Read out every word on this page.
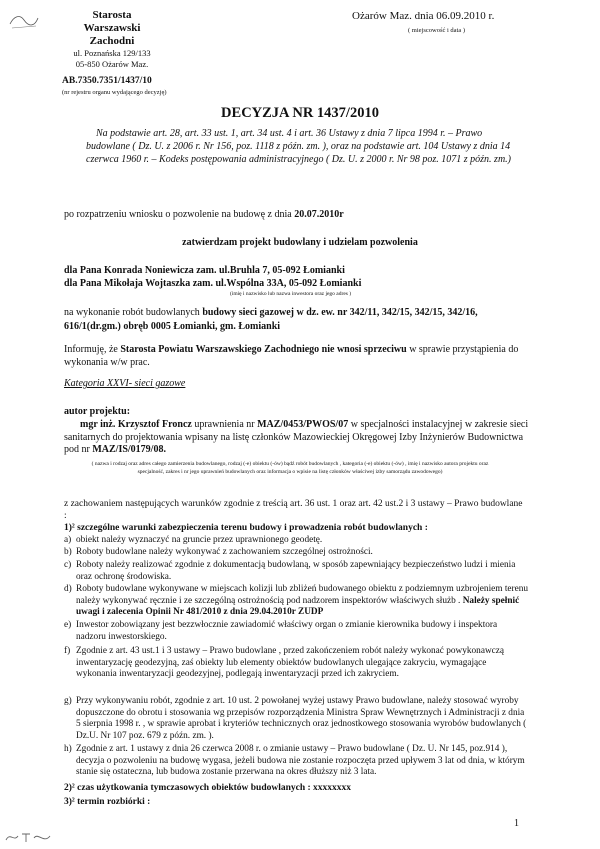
Starosta
Warszawski Zachodni
ul. Poznańska 129/133
05-850 Ożarów Maz.
Ożarów Maz. dnia 06.09.2010 r.
( miejscowość i data )
AB.7350.7351/1437/10
(nr rejestru organu wydającego decyzję)
DECYZJA NR 1437/2010

Na podstawie art. 28, art. 33 ust. 1, art. 34 ust. 4 i art. 36 Ustawy z dnia 7 lipca 1994 r. – Prawo budowlane ( Dz. U. z 2006 r. Nr 156, poz. 1118 z późn. zm. ), oraz na podstawie art. 104 Ustawy z dnia 14 czerwca 1960 r. – Kodeks postępowania administracyjnego ( Dz. U. z 2000 r. Nr 98 poz. 1071 z późn. zm.)

po rozpatrzeniu wniosku o pozwolenie na budowę z dnia 20.07.2010r
zatwierdzam projekt budowlany i udzielam pozwolenia
dla Pana Konrada Noniewicza zam. ul.Bruhla 7, 05-092 Łomianki
dla Pana Mikołaja Wojtaszka zam. ul.Wspólna 33A, 05-092 Łomianki
(imię i nazwisko lub nazwa inwestora oraz jego adres )
na wykonanie robót budowlanych budowy sieci gazowej w dz. ew. nr 342/11, 342/15, 342/15, 342/16, 616/1(dr.gm.) obręb 0005 Łomianki, gm. Łomianki
Informuję, że Starosta Powiatu Warszawskiego Zachodniego nie wnosi sprzeciwu w sprawie przystąpienia do wykonania w/w prac.
Kategoria XXVI- sieci gazowe
autor projektu:
mgr inż. Krzysztof Froncz uprawnienia nr MAZ/0453/PWOS/07 w specjalności instalacyjnej w zakresie sieci sanitarnych do projektowania wpisany na listę członków Mazowieckiej Okręgowej Izby Inżynierów Budownictwa pod nr MAZ/IS/0179/08.
( nazwa i rodzaj oraz adres całego zamierzenia budowlanego, rodzaj (-e) obiektu (-ów) bądź robót budowlanych , kategoria (-e) obiektu (-ów) , imię i nazwisko autora projektu oraz specjalność, zakres i nr jego uprawnień budowlanych oraz informacja o wpisie na listę członków właściwej izby samorządu zawodowego)
z zachowaniem następujących warunków zgodnie z treścią art. 36 ust. 1 oraz art. 42 ust.2 i 3 ustawy – Prawo budowlane :
1)² szczególne warunki zabezpieczenia terenu budowy i prowadzenia robót budowlanych :
a) obiekt należy wyznaczyć na gruncie przez uprawnionego geodetę.
b) Roboty budowlane należy wykonywać z zachowaniem szczególnej ostrożności.
c) Roboty należy realizować zgodnie z dokumentacją budowlaną, w sposób zapewniający bezpieczeństwo ludzi i mienia oraz ochronę środowiska.
d) Roboty budowlane wykonywane w miejscach kolizji lub zbliżeń budowanego obiektu z podziemnym uzbrojeniem terenu należy wykonywać ręcznie i ze szczególną ostrożnością pod nadzorem inspektorów właściwych służb . Należy spełnić uwagi i zalecenia Opinii Nr 481/2010 z dnia 29.04.2010r ZUDP
e) Inwestor zobowiązany jest bezzwłocznie zawiadomić właściwy organ o zmianie kierownika budowy i inspektora nadzoru inwestorskiego.
f) Zgodnie z art. 43 ust.1 i 3 ustawy – Prawo budowlane , przed zakończeniem robót należy wykonać powykonawczą inwentaryzację geodezyjną, zaś obiekty lub elementy obiektów budowlanych ulegające zakryciu, wymagające wykonania inwentaryzacji geodezyjnej, podlegają inwentaryzacji przed ich zakryciem.
g) Przy wykonywaniu robót, zgodnie z art. 10 ust. 2 powołanej wyżej ustawy Prawo budowlane, należy stosować wyroby dopuszczone do obrotu i stosowania wg przepisów rozporządzenia Ministra Spraw Wewnętrznych i Administracji z dnia 5 sierpnia 1998 r. , w sprawie aprobat i kryteriów technicznych oraz jednostkowego stosowania wyrobów budowlanych ( Dz.U. Nr 107 poz. 679 z późn. zm. ).
h) Zgodnie z art. 1 ustawy z dnia 26 czerwca 2008 r. o zmianie ustawy – Prawo budowlane ( Dz. U. Nr 145, poz.914 ), decyzja o pozwoleniu na budowę wygasa, jeżeli budowa nie zostanie rozpoczęta przed upływem 3 lat od dnia, w którym stanie się ostateczna, lub budowa zostanie przerwana na okres dłuższy niż 3 lata.
2)² czas użytkowania tymczasowych obiektów budowlanych : xxxxxxxx
3)² termin rozbiórki :
1
